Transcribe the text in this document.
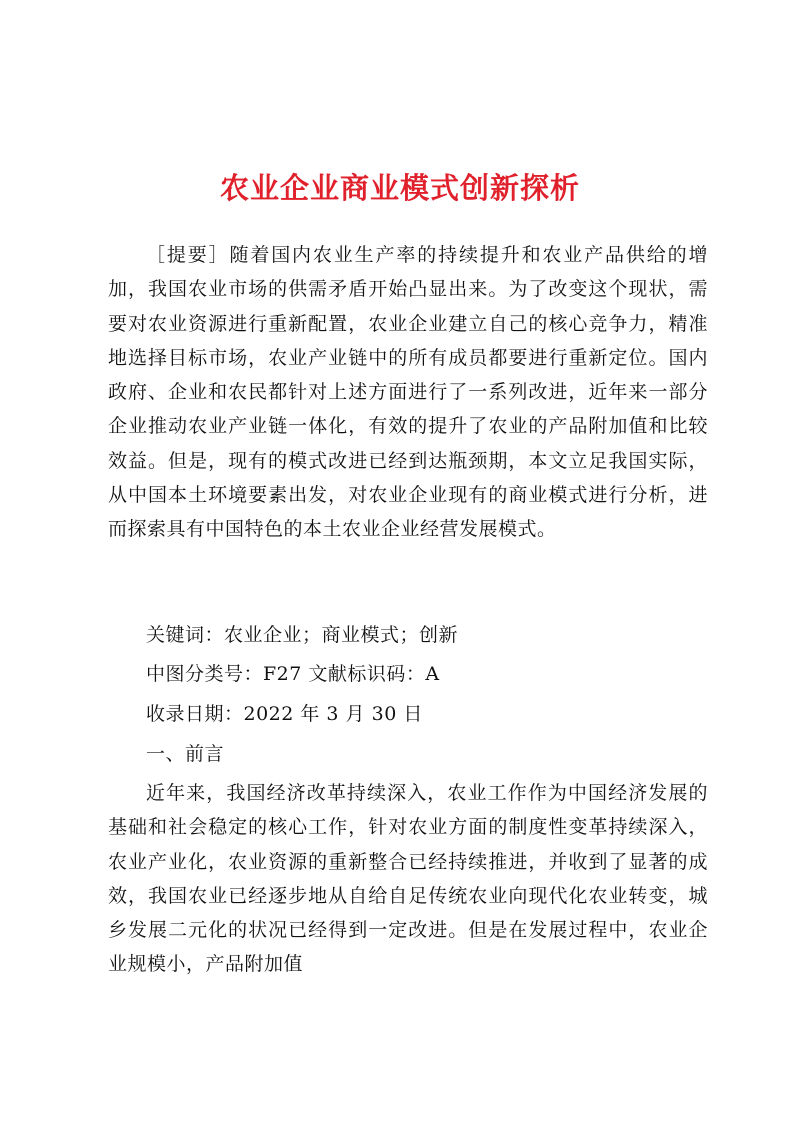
农业企业商业模式创新探析

［提要］随着国内农业生产率的持续提升和农业产品供给的增加，我国农业市场的供需矛盾开始凸显出来。为了改变这个现状，需要对农业资源进行重新配置，农业企业建立自己的核心竞争力，精准地选择目标市场，农业产业链中的所有成员都要进行重新定位。国内政府、企业和农民都针对上述方面进行了一系列改进，近年来一部分企业推动农业产业链一体化，有效的提升了农业的产品附加值和比较效益。但是，现有的模式改进已经到达瓶颈期，本文立足我国实际，从中国本土环境要素出发，对农业企业现有的商业模式进行分析，进而探索具有中国特色的本土农业企业经营发展模式。

关键词：农业企业；商业模式；创新

中图分类号：F27 文献标识码：A

收录日期：2022 年 3 月 30 日

一、前言

近年来，我国经济改革持续深入，农业工作作为中国经济发展的基础和社会稳定的核心工作，针对农业方面的制度性变革持续深入，农业产业化，农业资源的重新整合已经持续推进，并收到了显著的成效，我国农业已经逐步地从自给自足传统农业向现代化农业转变，城乡发展二元化的状况已经得到一定改进。但是在发展过程中，农业企业规模小，产品附加值
